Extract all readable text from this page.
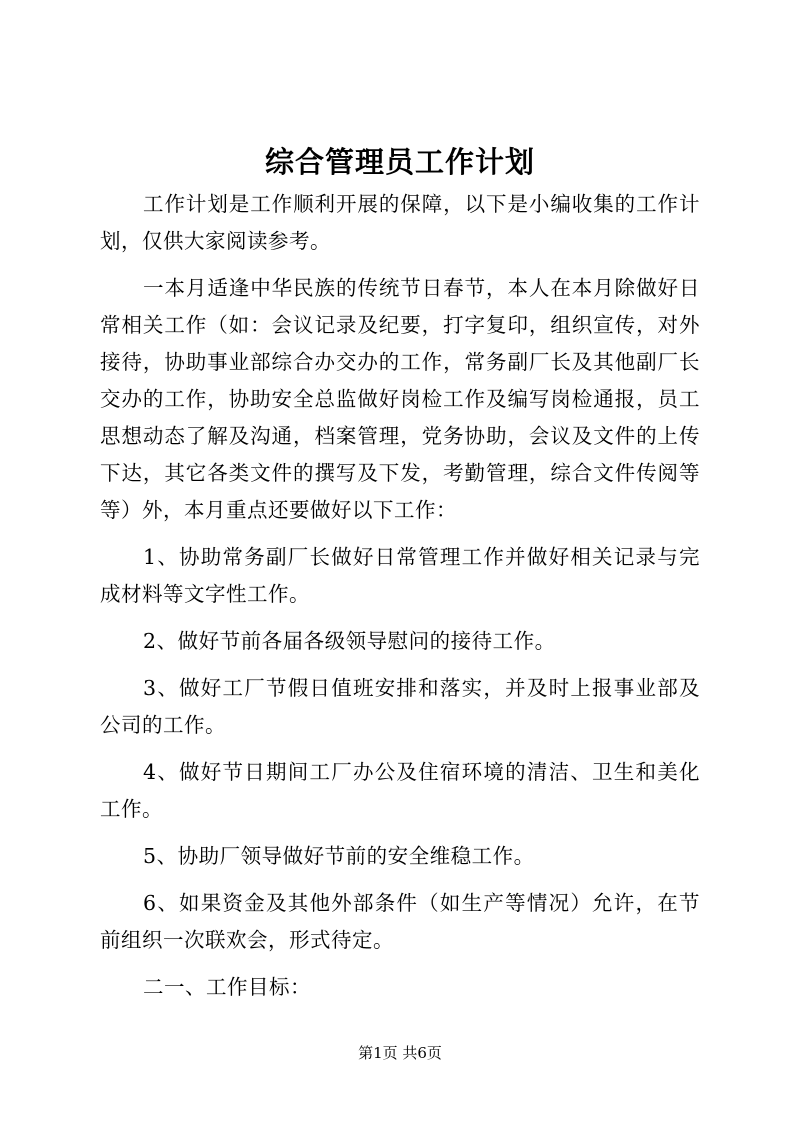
综合管理员工作计划

工作计划是工作顺利开展的保障，以下是小编收集的工作计划，仅供大家阅读参考。

一本月适逢中华民族的传统节日春节，本人在本月除做好日常相关工作（如：会议记录及纪要，打字复印，组织宣传，对外接待，协助事业部综合办交办的工作，常务副厂长及其他副厂长交办的工作，协助安全总监做好岗检工作及编写岗检通报，员工思想动态了解及沟通，档案管理，党务协助，会议及文件的上传下达，其它各类文件的撰写及下发，考勤管理，综合文件传阅等等）外，本月重点还要做好以下工作：

1、协助常务副厂长做好日常管理工作并做好相关记录与完成材料等文字性工作。

2、做好节前各届各级领导慰问的接待工作。

3、做好工厂节假日值班安排和落实，并及时上报事业部及公司的工作。

4、做好节日期间工厂办公及住宿环境的清洁、卫生和美化工作。

5、协助厂领导做好节前的安全维稳工作。

6、如果资金及其他外部条件（如生产等情况）允许，在节前组织一次联欢会，形式待定。

二一、工作目标：

第1页 共6页
